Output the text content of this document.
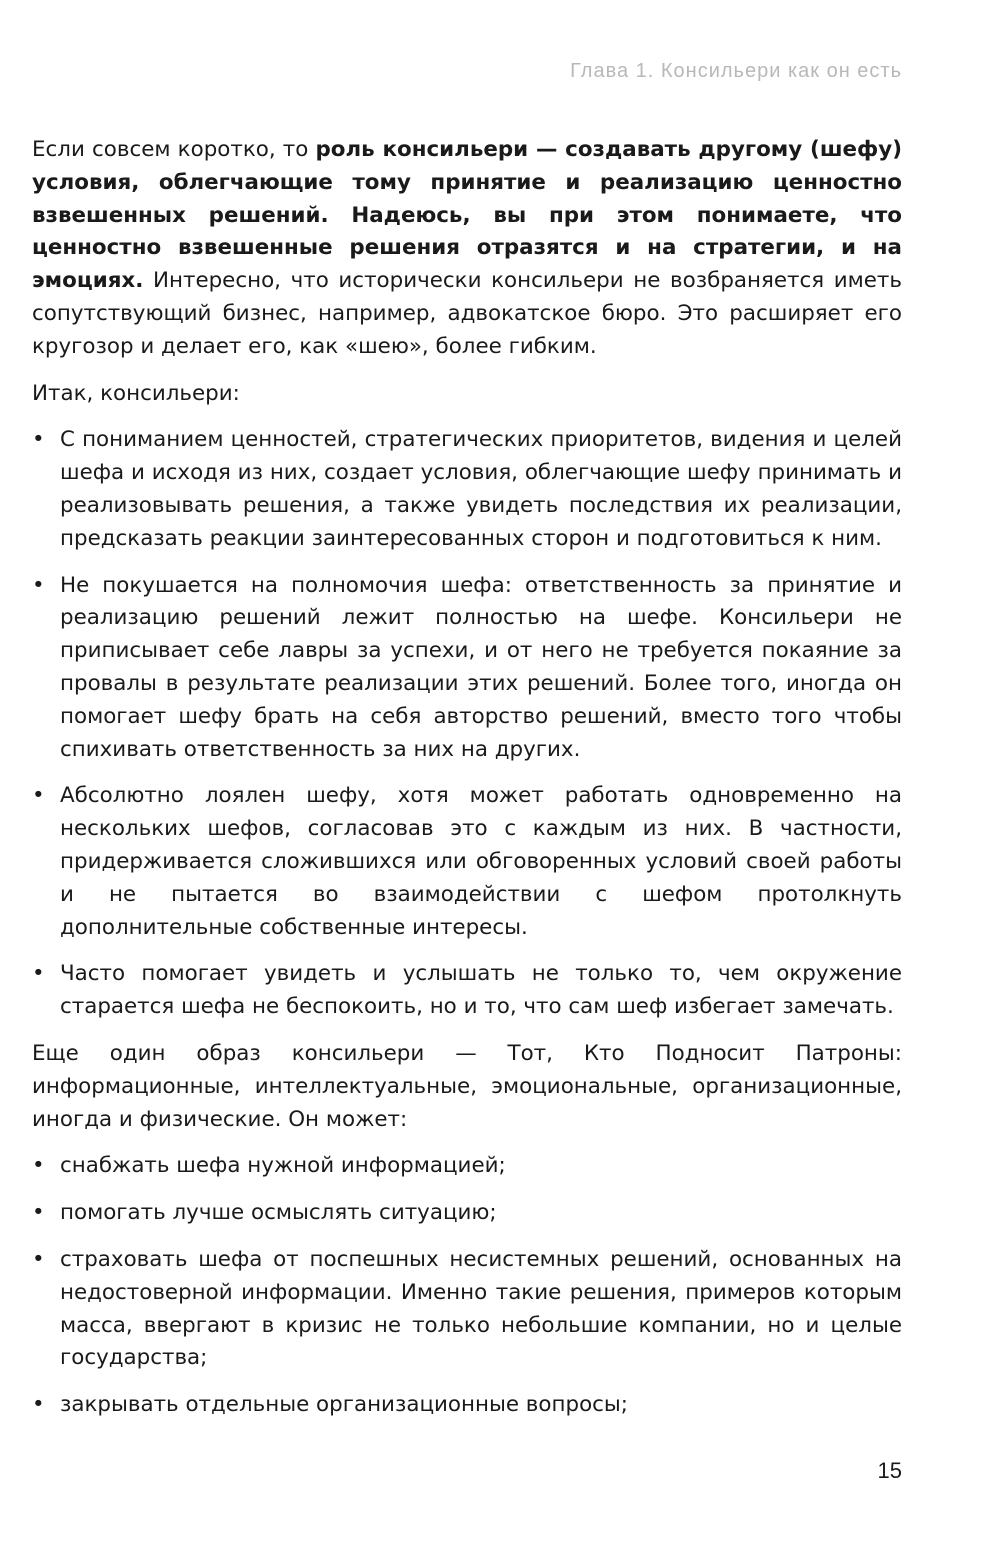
Глава 1. Консильери как он есть

Если совсем коротко, то роль консильери — создавать другому (шефу) условия, облегчающие тому принятие и реализацию ценностно взвешенных решений. Надеюсь, вы при этом понимаете, что ценностно взвешенные решения отразятся и на стратегии, и на эмоциях. Интересно, что исторически консильери не возбраняется иметь сопутствующий бизнес, например, адвокатское бюро. Это расширяет его кругозор и делает его, как «шею», более гибким.

Итак, консильери:

• С пониманием ценностей, стратегических приоритетов, видения и целей шефа и исходя из них, создает условия, облегчающие шефу принимать и реализовывать решения, а также увидеть последствия их реализации, предсказать реакции заинтересованных сторон и подготовиться к ним.
• Не покушается на полномочия шефа: ответственность за принятие и реализацию решений лежит полностью на шефе. Консильери не приписывает себе лавры за успехи, и от него не требуется покаяние за провалы в результате реализации этих решений. Более того, иногда он помогает шефу брать на себя авторство решений, вместо того чтобы спихивать ответственность за них на других.
• Абсолютно лоялен шефу, хотя может работать одновременно на нескольких шефов, согласовав это с каждым из них. В частности, придерживается сложившихся или обговоренных условий своей работы и не пытается во взаимодействии с шефом протолкнуть дополнительные собственные интересы.
• Часто помогает увидеть и услышать не только то, чем окружение старается шефа не беспокоить, но и то, что сам шеф избегает замечать.

Еще один образ консильери — Тот, Кто Подносит Патроны: информационные, интеллектуальные, эмоциональные, организационные, иногда и физические. Он может:

• снабжать шефа нужной информацией;
• помогать лучше осмыслять ситуацию;
• страховать шефа от поспешных несистемных решений, основанных на недостоверной информации. Именно такие решения, примеров которым масса, ввергают в кризис не только небольшие компании, но и целые государства;
• закрывать отдельные организационные вопросы;
15
